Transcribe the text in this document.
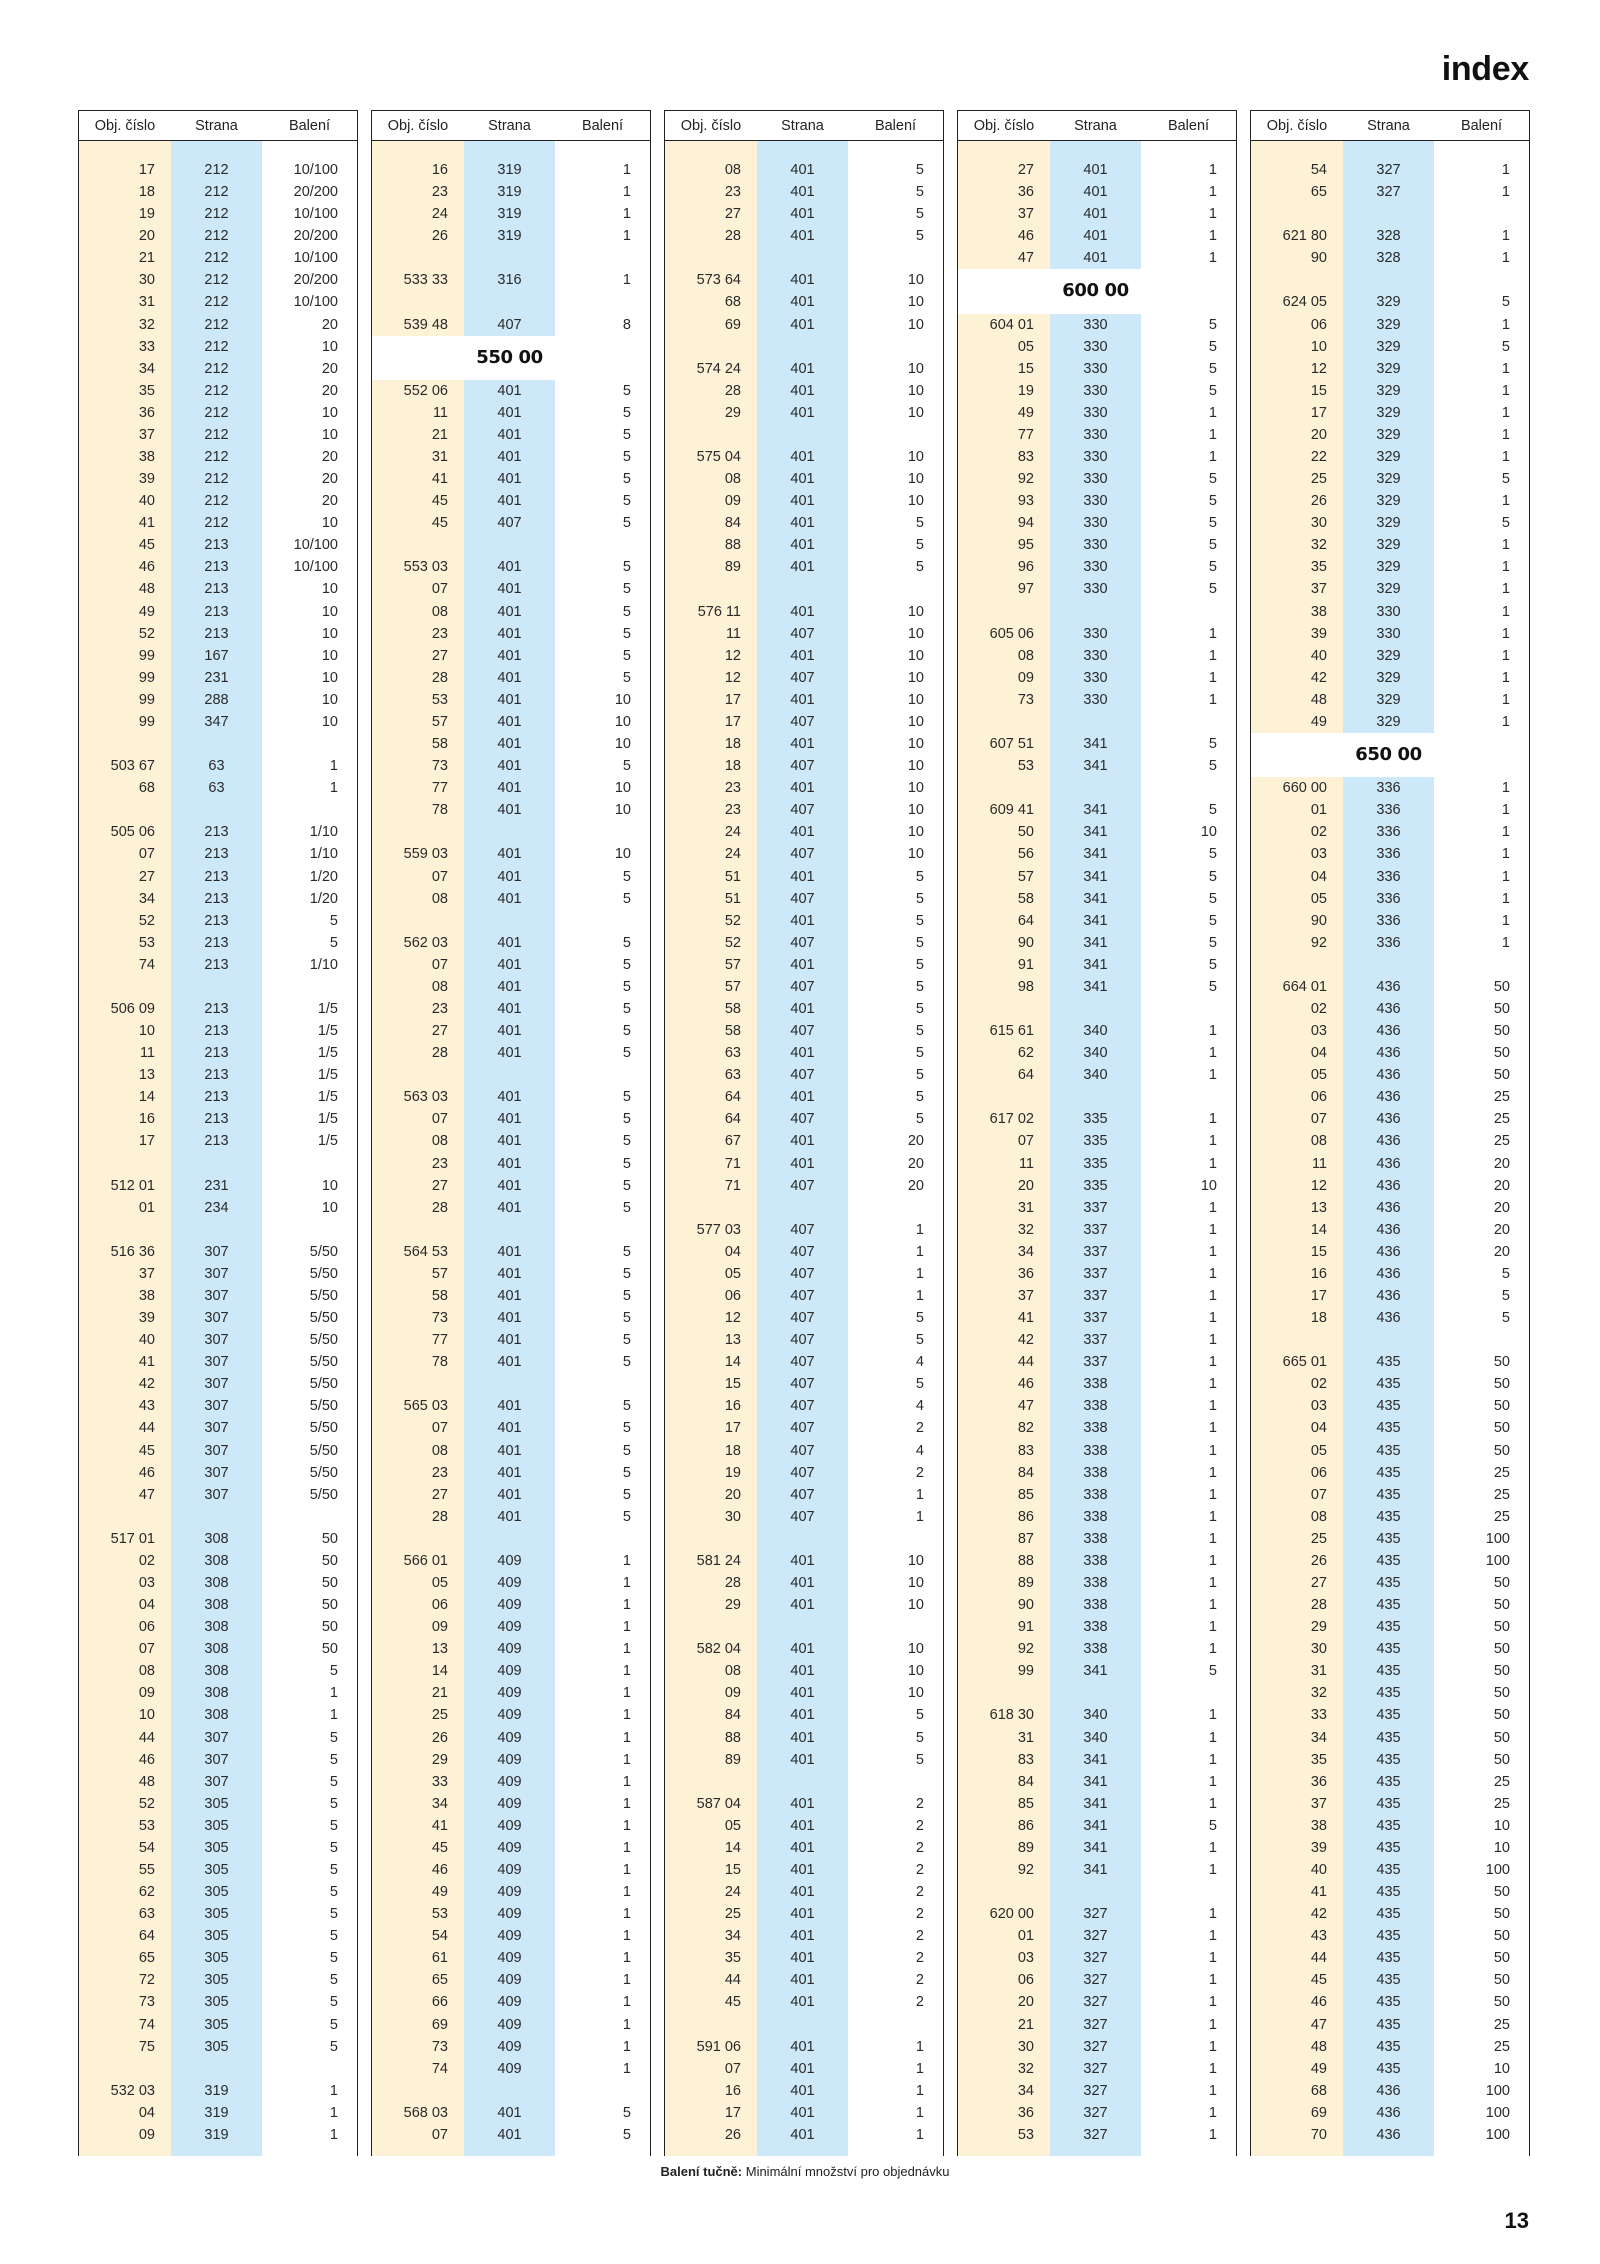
index
Obj. číslo	Strana	Balení
17	212	10/100
18	212	20/200
19	212	10/100
20	212	20/200
21	212	10/100
30	212	20/200
31	212	10/100
32	212	20
33	212	10
34	212	20
35	212	20
36	212	10
37	212	10
38	212	20
39	212	20
40	212	20
41	212	10
45	213	10/100
46	213	10/100
48	213	10
49	213	10
52	213	10
99	167	10
99	231	10
99	288	10
99	347	10
503 67	63	1
68	63	1
505 06	213	1/10
07	213	1/10
27	213	1/20
34	213	1/20
52	213	5
53	213	5
74	213	1/10
506 09	213	1/5
10	213	1/5
11	213	1/5
13	213	1/5
14	213	1/5
16	213	1/5
17	213	1/5
512 01	231	10
01	234	10
516 36	307	5/50
37	307	5/50
38	307	5/50
39	307	5/50
40	307	5/50
41	307	5/50
42	307	5/50
43	307	5/50
44	307	5/50
45	307	5/50
46	307	5/50
47	307	5/50
517 01	308	50
02	308	50
03	308	50
04	308	50
06	308	50
07	308	50
08	308	5
09	308	1
10	308	1
44	307	5
46	307	5
48	307	5
52	305	5
53	305	5
54	305	5
55	305	5
62	305	5
63	305	5
64	305	5
65	305	5
72	305	5
73	305	5
74	305	5
75	305	5
532 03	319	1
04	319	1
09	319	1
Obj. číslo	Strana	Balení
16	319	1
23	319	1
24	319	1
26	319	1
533 33	316	1
539 48	407	8
550 00
552 06	401	5
11	401	5
21	401	5
31	401	5
41	401	5
45	401	5
45	407	5
553 03	401	5
07	401	5
08	401	5
23	401	5
27	401	5
28	401	5
53	401	10
57	401	10
58	401	10
73	401	5
77	401	10
78	401	10
559 03	401	10
07	401	5
08	401	5
562 03	401	5
07	401	5
08	401	5
23	401	5
27	401	5
28	401	5
563 03	401	5
07	401	5
08	401	5
23	401	5
27	401	5
28	401	5
564 53	401	5
57	401	5
58	401	5
73	401	5
77	401	5
78	401	5
565 03	401	5
07	401	5
08	401	5
23	401	5
27	401	5
28	401	5
566 01	409	1
05	409	1
06	409	1
09	409	1
13	409	1
14	409	1
21	409	1
25	409	1
26	409	1
29	409	1
33	409	1
34	409	1
41	409	1
45	409	1
46	409	1
49	409	1
53	409	1
54	409	1
61	409	1
65	409	1
66	409	1
69	409	1
73	409	1
74	409	1
568 03	401	5
07	401	5
Obj. číslo	Strana	Balení
08	401	5
23	401	5
27	401	5
28	401	5
573 64	401	10
68	401	10
69	401	10
574 24	401	10
28	401	10
29	401	10
575 04	401	10
08	401	10
09	401	10
84	401	5
88	401	5
89	401	5
576 11	401	10
11	407	10
12	401	10
12	407	10
17	401	10
17	407	10
18	401	10
18	407	10
23	401	10
23	407	10
24	401	10
24	407	10
51	401	5
51	407	5
52	401	5
52	407	5
57	401	5
57	407	5
58	401	5
58	407	5
63	401	5
63	407	5
64	401	5
64	407	5
67	401	20
71	401	20
71	407	20
577 03	407	1
04	407	1
05	407	1
06	407	1
12	407	5
13	407	5
14	407	4
15	407	5
16	407	4
17	407	2
18	407	4
19	407	2
20	407	1
30	407	1
581 24	401	10
28	401	10
29	401	10
582 04	401	10
08	401	10
09	401	10
84	401	5
88	401	5
89	401	5
587 04	401	2
05	401	2
14	401	2
15	401	2
24	401	2
25	401	2
34	401	2
35	401	2
44	401	2
45	401	2
591 06	401	1
07	401	1
16	401	1
17	401	1
26	401	1
Obj. číslo	Strana	Balení
27	401	1
36	401	1
37	401	1
46	401	1
47	401	1
600 00
604 01	330	5
05	330	5
15	330	5
19	330	5
49	330	1
77	330	1
83	330	1
92	330	5
93	330	5
94	330	5
95	330	5
96	330	5
97	330	5
605 06	330	1
08	330	1
09	330	1
73	330	1
607 51	341	5
53	341	5
609 41	341	5
50	341	10
56	341	5
57	341	5
58	341	5
64	341	5
90	341	5
91	341	5
98	341	5
615 61	340	1
62	340	1
64	340	1
617 02	335	1
07	335	1
11	335	1
20	335	10
31	337	1
32	337	1
34	337	1
36	337	1
37	337	1
41	337	1
42	337	1
44	337	1
46	338	1
47	338	1
82	338	1
83	338	1
84	338	1
85	338	1
86	338	1
87	338	1
88	338	1
89	338	1
90	338	1
91	338	1
92	338	1
99	341	5
618 30	340	1
31	340	1
83	341	1
84	341	1
85	341	1
86	341	5
89	341	1
92	341	1
620 00	327	1
01	327	1
03	327	1
06	327	1
20	327	1
21	327	1
30	327	1
32	327	1
34	327	1
36	327	1
53	327	1
Obj. číslo	Strana	Balení
54	327	1
65	327	1
621 80	328	1
90	328	1
624 05	329	5
06	329	1
10	329	5
12	329	1
15	329	1
17	329	1
20	329	1
22	329	1
25	329	5
26	329	1
30	329	5
32	329	1
35	329	1
37	329	1
38	330	1
39	330	1
40	329	1
42	329	1
48	329	1
49	329	1
650 00
660 00	336	1
01	336	1
02	336	1
03	336	1
04	336	1
05	336	1
90	336	1
92	336	1
664 01	436	50
02	436	50
03	436	50
04	436	50
05	436	50
06	436	25
07	436	25
08	436	25
11	436	20
12	436	20
13	436	20
14	436	20
15	436	20
16	436	5
17	436	5
18	436	5
665 01	435	50
02	435	50
03	435	50
04	435	50
05	435	50
06	435	25
07	435	25
08	435	25
25	435	100
26	435	100
27	435	50
28	435	50
29	435	50
30	435	50
31	435	50
32	435	50
33	435	50
34	435	50
35	435	50
36	435	25
37	435	25
38	435	10
39	435	10
40	435	100
41	435	50
42	435	50
43	435	50
44	435	50
45	435	50
46	435	50
47	435	25
48	435	25
49	435	10
68	436	100
69	436	100
70	436	100
Balení tučně: Minimální množství pro objednávku
13
